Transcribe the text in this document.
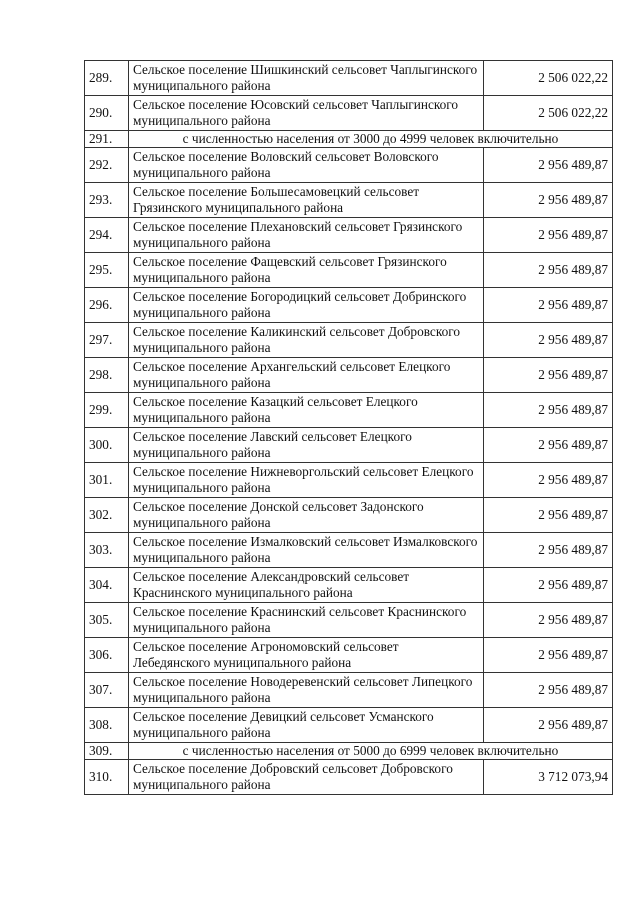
289.	Сельское поселение Шишкинский сельсовет Чаплыгинского муниципального района	2 506 022,22
290.	Сельское поселение Юсовский сельсовет Чаплыгинского муниципального района	2 506 022,22
291.	с численностью населения от 3000 до 4999 человек включительно	
292.	Сельское поселение Воловский сельсовет Воловского муниципального района	2 956 489,87
293.	Сельское поселение Большесамовецкий сельсовет Грязинского муниципального района	2 956 489,87
294.	Сельское поселение Плехановский сельсовет Грязинского муниципального района	2 956 489,87
295.	Сельское поселение Фащевский сельсовет Грязинского муниципального района	2 956 489,87
296.	Сельское поселение Богородицкий сельсовет Добринского муниципального района	2 956 489,87
297.	Сельское поселение Каликинский сельсовет Добровского муниципального района	2 956 489,87
298.	Сельское поселение Архангельский сельсовет Елецкого муниципального района	2 956 489,87
299.	Сельское поселение Казацкий сельсовет Елецкого муниципального района	2 956 489,87
300.	Сельское поселение Лавский сельсовет Елецкого муниципального района	2 956 489,87
301.	Сельское поселение Нижневоргольский сельсовет Елецкого муниципального района	2 956 489,87
302.	Сельское поселение Донской сельсовет Задонского муниципального района	2 956 489,87
303.	Сельское поселение Измалковский сельсовет Измалковского муниципального района	2 956 489,87
304.	Сельское поселение Александровский сельсовет Краснинского муниципального района	2 956 489,87
305.	Сельское поселение Краснинский сельсовет Краснинского муниципального района	2 956 489,87
306.	Сельское поселение Агрономовский сельсовет Лебедянского муниципального района	2 956 489,87
307.	Сельское поселение Новодеревенский сельсовет Липецкого муниципального района	2 956 489,87
308.	Сельское поселение Девицкий сельсовет Усманского муниципального района	2 956 489,87
309.	с численностью населения от 5000 до 6999 человек включительно	
310.	Сельское поселение Добровский сельсовет Добровского муниципального района	3 712 073,94
